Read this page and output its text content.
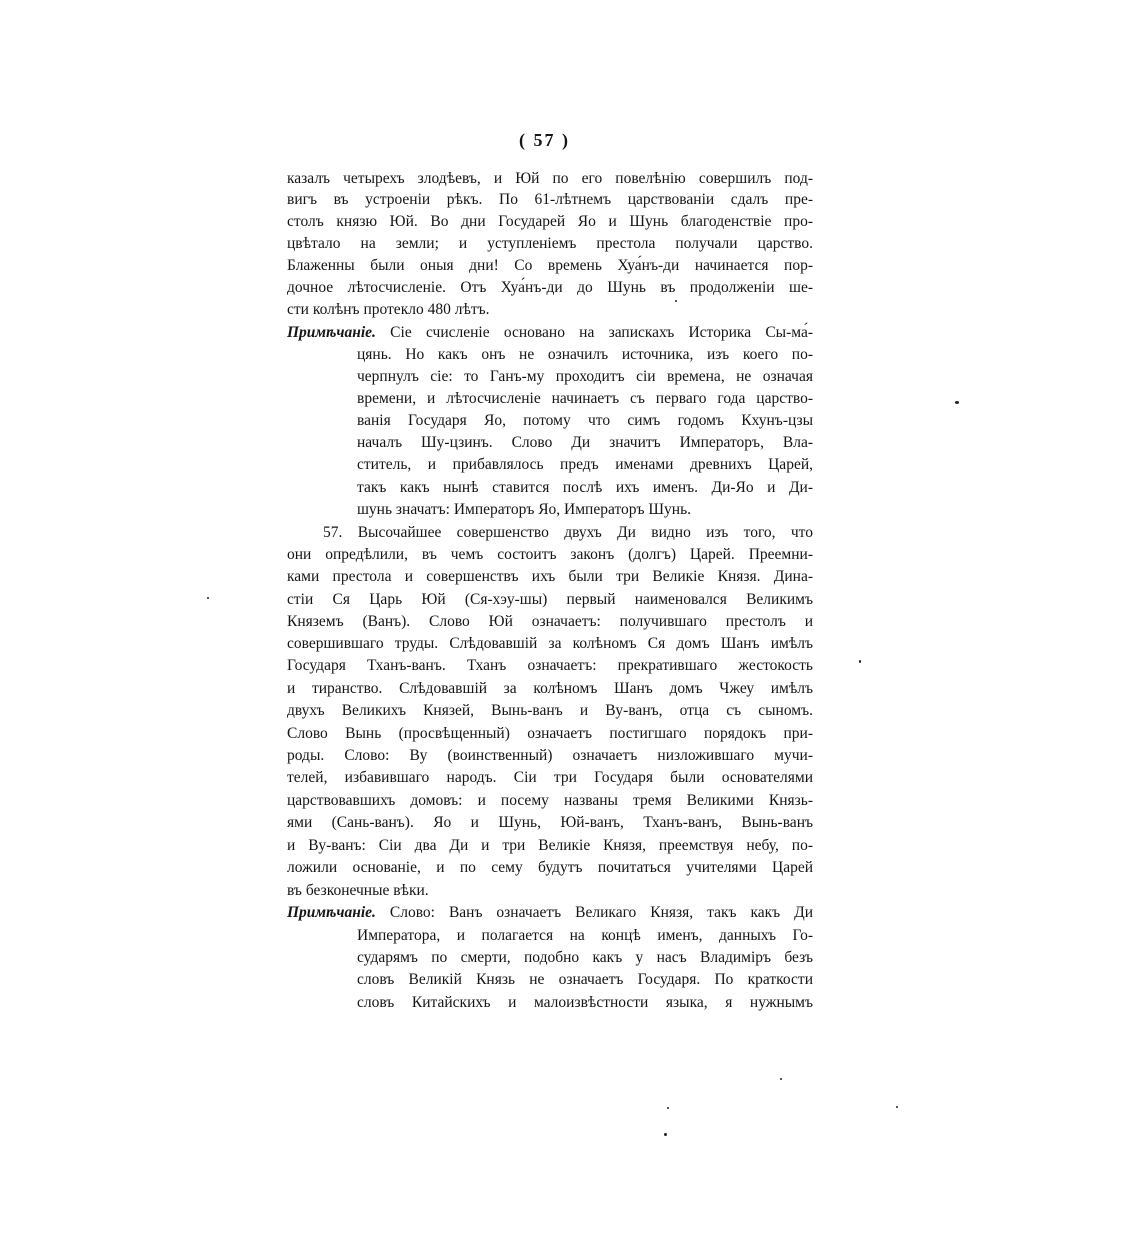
( 57 )
казалъ четырехъ злодѣевъ, и Юй по его повелѣнію совершилъ под-
вигъ въ устроеніи рѣкъ. По 61-лѣтнемъ царствованіи сдалъ пре-
столъ князю Юй. Во дни Государей Яо и Шунь благоденствіе про-
цвѣтало на земли; и уступленіемъ престола получали царство.
Блаженны были оныя дни! Со времень Хуа́нъ-ди начинается пор-
дочное лѣтосчисленіе. Отъ Хуа́нъ-ди до Шунь въ продолженіи ше-
сти колѣнъ протекло 480 лѣтъ.
Примѣчаніе. Сіе счисленіе основано на запискахъ Историка Сы-ма́-
цянь. Но какъ онъ не означилъ источника, изъ коего по-
черпнулъ сіе: то Ганъ-му проходитъ сіи времена, не означая
времени, и лѣтосчисленіе начинаетъ съ перваго года царство-
ванія Государя Яо, потому что симъ годомъ Кхунъ-цзы
началъ Шу-цзинъ. Слово Ди значитъ Императоръ, Вла-
ститель, и прибавлялось предъ именами древнихъ Царей,
такъ какъ нынѣ ставится послѣ ихъ именъ. Ди-Яо и Ди-
шунь значатъ: Императоръ Яо, Императоръ Шунь.
57. Высочайшее совершенство двухъ Ди видно изъ того, что
они опредѣлили, въ чемъ состоитъ законъ (долгъ) Царей. Преемни-
ками престола и совершенствъ ихъ были три Великіе Князя. Дина-
стіи Ся Царь Юй (Ся-хэу-шы) первый наименовался Великимъ
Княземъ (Ванъ). Слово Юй означаетъ: получившаго престолъ и
совершившаго труды. Слѣдовавшій за колѣномъ Ся домъ Шанъ имѣлъ
Государя Тханъ-ванъ. Тханъ означаетъ: прекратившаго жестокость
и тиранство. Слѣдовавшій за колѣномъ Шанъ домъ Чжеу имѣлъ
двухъ Великихъ Князей, Вынь-ванъ и Ву-ванъ, отца съ сыномъ.
Слово Вынь (просвѣщенный) означаетъ постигшаго порядокъ при-
роды. Слово: Ву (воинственный) означаетъ низложившаго мучи-
телей, избавившаго народъ. Сіи три Государя были основателями
царствовавшихъ домовъ: и посему названы тремя Великими Князь-
ями (Сань-ванъ). Яо и Шунь, Юй-ванъ, Тханъ-ванъ, Вынь-ванъ
и Ву-ванъ: Сіи два Ди и три Великіе Князя, преемствуя небу, по-
ложили основаніе, и по сему будутъ почитаться учителями Царей
въ безконечные вѣки.
Примѣчаніе. Слово: Ванъ означаетъ Великаго Князя, такъ какъ Ди
Императора, и полагается на концѣ именъ, данныхъ Го-
сударямъ по смерти, подобно какъ у насъ Владиміръ безъ
словъ Великій Князь не означаетъ Государя. По краткости
словъ Китайскихъ и малоизвѣстности языка, я нужнымъ
